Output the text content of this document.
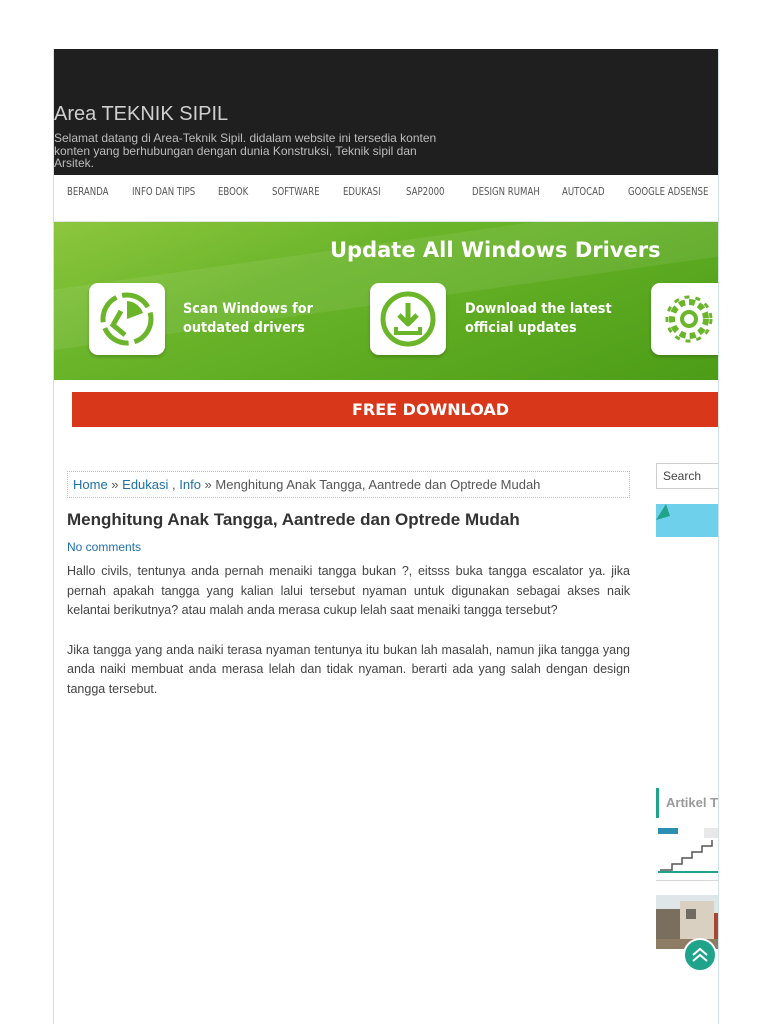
Area TEKNIK SIPIL

Selamat datang di Area-Teknik Sipil. didalam website ini tersedia konten konten yang berhubungan dengan dunia Konstruksi, Teknik sipil dan Arsitek.

BERANDA INFO DAN TIPS EBOOK SOFTWARE EDUKASI SAP2000	DESIGN RUMAH AUTOCAD GOOGLE ADSENSE
Update All Windows Drivers

Scan Windows for
outdated drivers

Download the latest
official updates

FREE DOWNLOAD
Home » Edukasi , Info » Menghitung Anak Tangga, Aantrede dan Optrede Mudah
Menghitung Anak Tangga, Aantrede dan Optrede Mudah
No comments

Hallo civils, tentunya anda pernah menaiki tangga bukan ?, eitsss buka tangga escalator ya. jika pernah apakah tangga yang kalian lalui tersebut nyaman untuk digunakan sebagai akses naik kelantai berikutnya? atau malah anda merasa cukup lelah saat menaiki tangga tersebut?

Jika tangga yang anda naiki terasa nyaman tentunya itu bukan lah masalah, namun jika tangga yang anda naiki membuat anda merasa lelah dan tidak nyaman. berarti ada yang salah dengan design tangga tersebut.

Search
Artikel T
